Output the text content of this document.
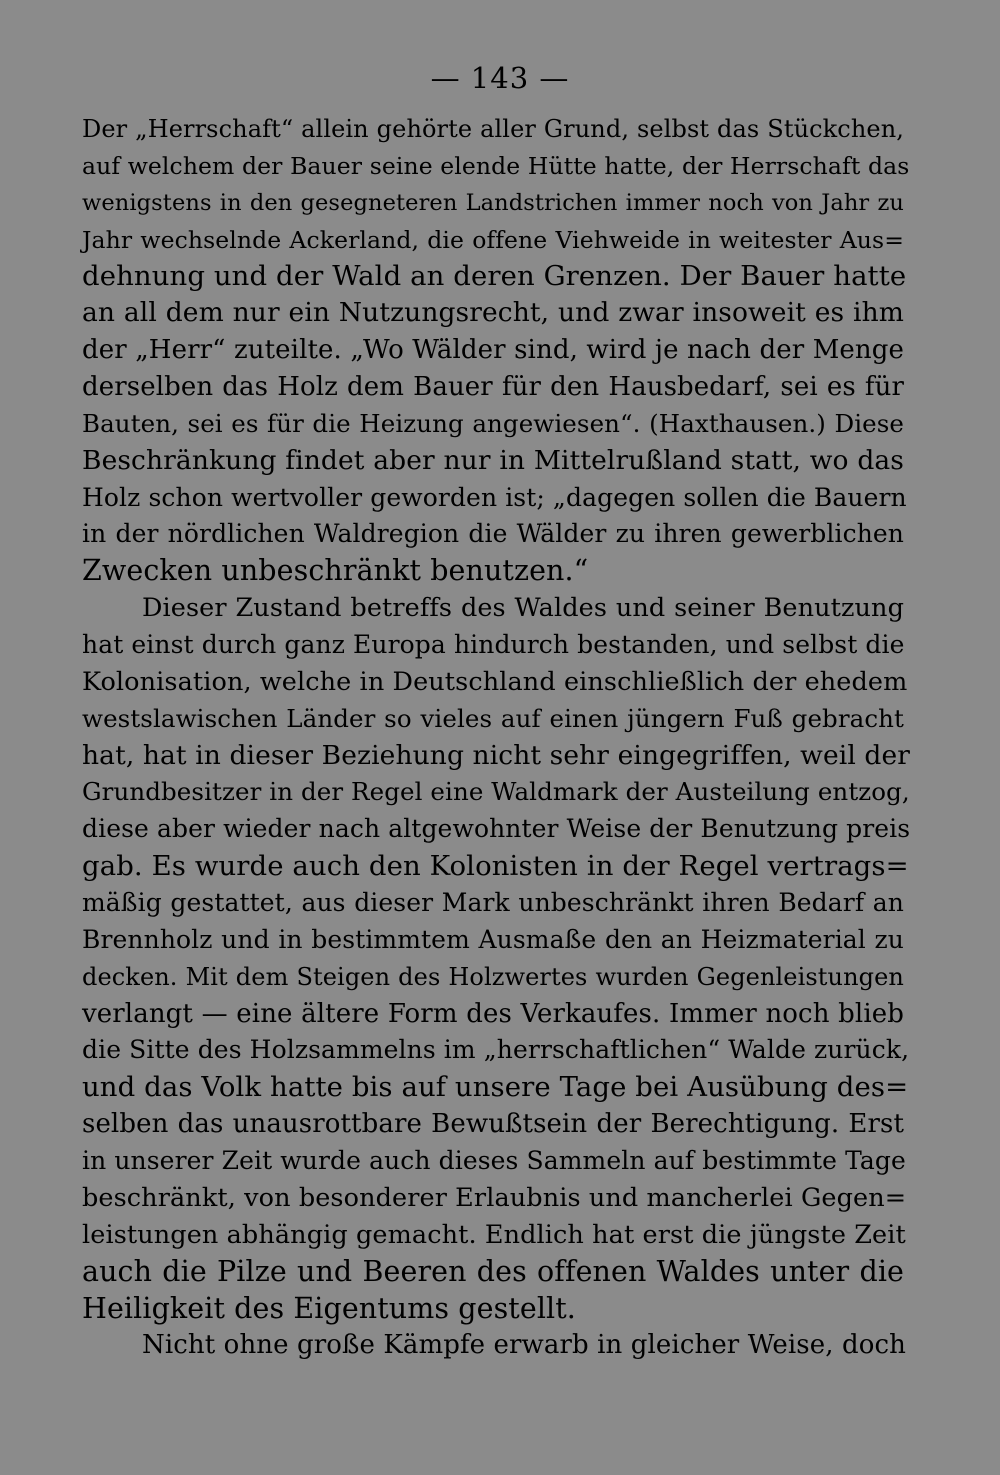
— 143 —
Der „Herrschaft“ allein gehörte aller Grund, selbst das Stückchen,
auf welchem der Bauer seine elende Hütte hatte, der Herrschaft das
wenigstens in den gesegneteren Landstrichen immer noch von Jahr zu
Jahr wechselnde Ackerland, die offene Viehweide in weitester Aus=
dehnung und der Wald an deren Grenzen. Der Bauer hatte
an all dem nur ein Nutzungsrecht, und zwar insoweit es ihm
der „Herr“ zuteilte. „Wo Wälder sind, wird je nach der Menge
derselben das Holz dem Bauer für den Hausbedarf, sei es für
Bauten, sei es für die Heizung angewiesen“. (Haxthausen.) Diese
Beschränkung findet aber nur in Mittelrußland statt, wo das
Holz schon wertvoller geworden ist; „dagegen sollen die Bauern
in der nördlichen Waldregion die Wälder zu ihren gewerblichen
Zwecken unbeschränkt benutzen.“
Dieser Zustand betreffs des Waldes und seiner Benutzung
hat einst durch ganz Europa hindurch bestanden, und selbst die
Kolonisation, welche in Deutschland einschließlich der ehedem
westslawischen Länder so vieles auf einen jüngern Fuß gebracht
hat, hat in dieser Beziehung nicht sehr eingegriffen, weil der
Grundbesitzer in der Regel eine Waldmark der Austeilung entzog,
diese aber wieder nach altgewohnter Weise der Benutzung preis
gab. Es wurde auch den Kolonisten in der Regel vertrags=
mäßig gestattet, aus dieser Mark unbeschränkt ihren Bedarf an
Brennholz und in bestimmtem Ausmaße den an Heizmaterial zu
decken. Mit dem Steigen des Holzwertes wurden Gegenleistungen
verlangt — eine ältere Form des Verkaufes. Immer noch blieb
die Sitte des Holzsammelns im „herrschaftlichen“ Walde zurück,
und das Volk hatte bis auf unsere Tage bei Ausübung des=
selben das unausrottbare Bewußtsein der Berechtigung. Erst
in unserer Zeit wurde auch dieses Sammeln auf bestimmte Tage
beschränkt, von besonderer Erlaubnis und mancherlei Gegen=
leistungen abhängig gemacht. Endlich hat erst die jüngste Zeit
auch die Pilze und Beeren des offenen Waldes unter die
Heiligkeit des Eigentums gestellt.
Nicht ohne große Kämpfe erwarb in gleicher Weise, doch
